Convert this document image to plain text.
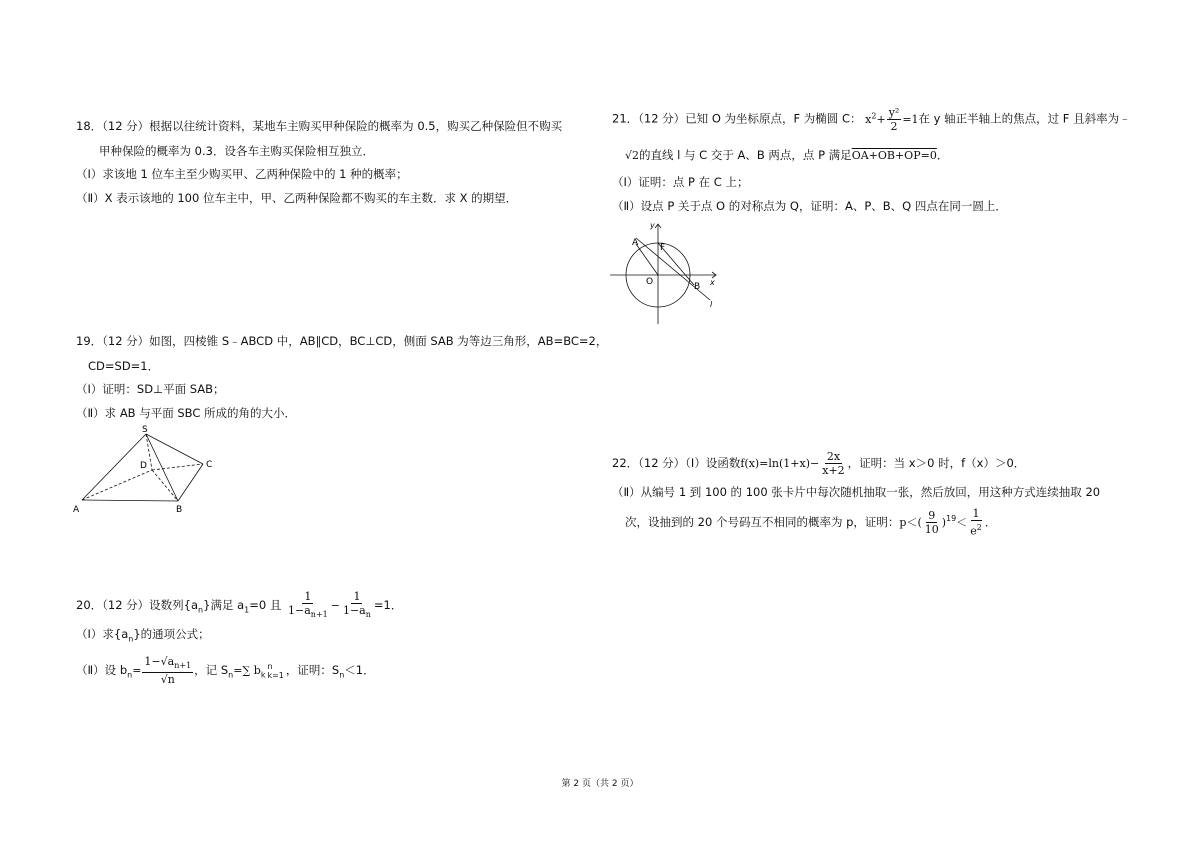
18．（12 分）根据以往统计资料，某地车主购买甲种保险的概率为 0.5，购买乙种保险但不购买

甲种保险的概率为 0.3．设各车主购买保险相互独立．

（Ⅰ）求该地 1 位车主至少购买甲、乙两种保险中的 1 种的概率；

（Ⅱ）X 表示该地的 100 位车主中，甲、乙两种保险都不购买的车主数．求 X 的期望．

19．（12 分）如图，四棱锥 S﹣ABCD 中，AB∥CD，BC⊥CD，侧面 SAB 为等边三角形，AB=BC=2，

CD=SD=1．

（Ⅰ）证明：SD⊥平面 SAB；

（Ⅱ）求 AB 与平面 SBC 所成的角的大小．

S
D	C
A	B
20．（12 分）设数列$\{a_n\}$满足 $a_1=0$ 且 $\frac{1}{1-a_{n+1}} - \frac{1}{1-a_n} =1$．
（Ⅰ）求$\{a_n\}$的通项公式；
（Ⅱ）设 $b_n= \frac{1-√a_{n+1}}{√n}$ ，记 $S_n=\sum$ $b_k$
n
k=1 ，证明：$S_n<1$．
21．（12 分）已知 O 为坐标原点，F 为椭圆 C： $x^2+ \frac{\text{y²}}{2} =1$在 y 轴正半轴上的焦点，过 F 且斜率为﹣
√2的直线 l 与 C 交于 A、B 两点，点 P 满足OA+OB+OP=0．
（Ⅰ）证明：点 P 在 C 上；
（Ⅱ）设点 P 关于点 O 的对称点为 Q，证明：A、P、B、Q 四点在同一圆上．
y
x
A F
O	B
l
22．（12 分）（Ⅰ）设函数$f(x)=\ln(1+x)- \frac{2x}{x+2}$ ，证明：当 x＞0 时，f（x）＞0．
（Ⅱ）从编号 1 到 100 的 100 张卡片中每次随机抽取一张，然后放回，用这种方式连续抽取 20
次，设抽到的 20 个号码互不相同的概率为 p，证明：$p<( \frac{9}{10} )^{19}< \frac{1}{e^2}$ ．
第 2 页（共 2 页）
